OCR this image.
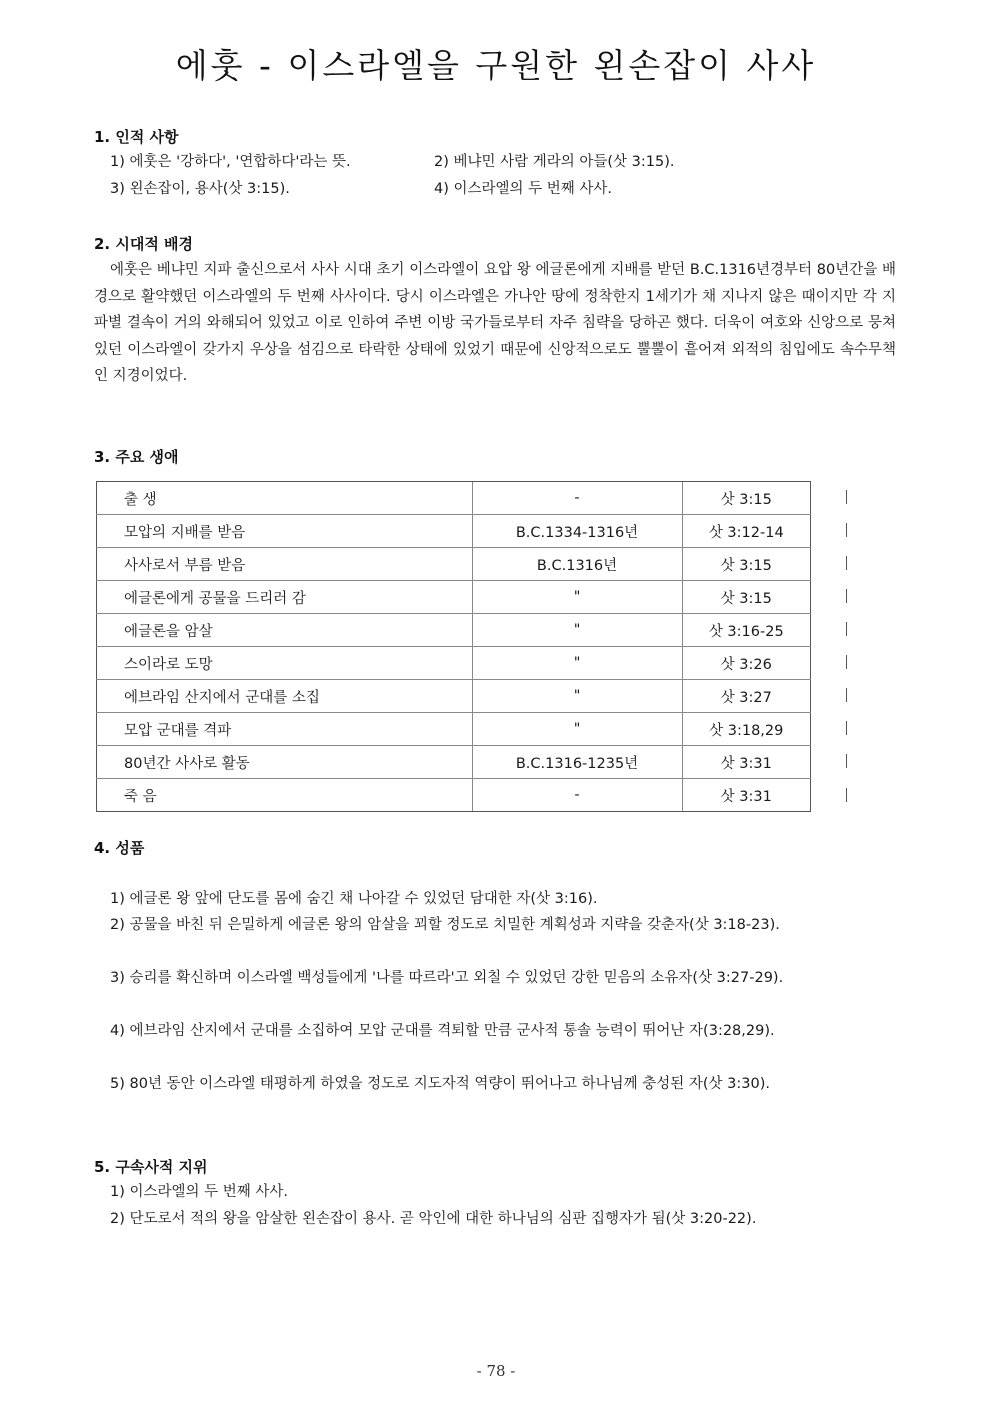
에훗 - 이스라엘을 구원한 왼손잡이 사사
1. 인적 사항
1) 에훗은 '강하다', '연합하다'라는 뜻.	2) 베냐민 사람 게라의 아들(삿 3:15).
3) 왼손잡이, 용사(삿 3:15).	4) 이스라엘의 두 번째 사사.
2. 시대적 배경
에훗은 베냐민 지파 출신으로서 사사 시대 초기 이스라엘이 요압 왕 에글론에게 지배를 받던 B.C.1316년경부터 80년간을 배경으로 활약했던 이스라엘의 두 번째 사사이다. 당시 이스라엘은 가나안 땅에 정착한지 1세기가 채 지나지 않은 때이지만 각 지파별 결속이 거의 와해되어 있었고 이로 인하여 주변 이방 국가들로부터 자주 침략을 당하곤 했다. 더욱이 여호와 신앙으로 뭉쳐있던 이스라엘이 갖가지 우상을 섬김으로 타락한 상태에 있었기 때문에 신앙적으로도 뿔뿔이 흩어져 외적의 침입에도 속수무책인 지경이었다.
3. 주요 생애
출 생	-	삿 3:15
모압의 지배를 받음	B.C.1334-1316년	삿 3:12-14
사사로서 부름 받음	B.C.1316년	삿 3:15
에글론에게 공물을 드리러 감	"	삿 3:15
에글론을 암살	"	삿 3:16-25
스이라로 도망	"	삿 3:26
에브라임 산지에서 군대를 소집	"	삿 3:27
모압 군대를 격파	"	삿 3:18,29
80년간 사사로 활동	B.C.1316-1235년	삿 3:31
죽 음	-	삿 3:31
4. 성품
1) 에글론 왕 앞에 단도를 몸에 숨긴 채 나아갈 수 있었던 담대한 자(삿 3:16).
2) 공물을 바친 뒤 은밀하게 에글론 왕의 암살을 꾀할 정도로 치밀한 계획성과 지략을 갖춘자(삿 3:18-23).
3) 승리를 확신하며 이스라엘 백성들에게 '나를 따르라'고 외칠 수 있었던 강한 믿음의 소유자(삿 3:27-29).
4) 에브라임 산지에서 군대를 소집하여 모압 군대를 격퇴할 만큼 군사적 통솔 능력이 뛰어난 자(3:28,29).
5) 80년 동안 이스라엘 태평하게 하였을 정도로 지도자적 역량이 뛰어나고 하나님께 충성된 자(삿 3:30).
5. 구속사적 지위
1) 이스라엘의 두 번째 사사.
2) 단도로서 적의 왕을 암살한 왼손잡이 용사. 곧 악인에 대한 하나님의 심판 집행자가 됨(삿 3:20-22).
- 78 -
